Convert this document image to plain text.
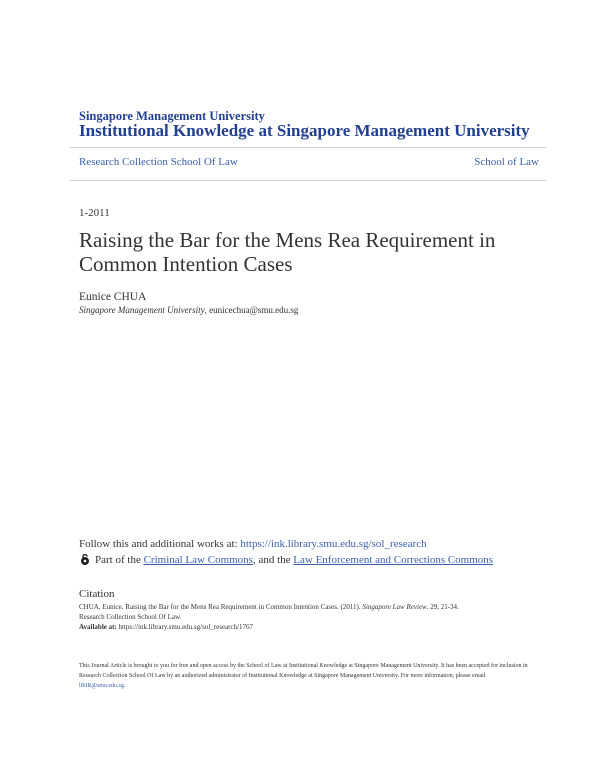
Singapore Management University
Institutional Knowledge at Singapore Management University
Research Collection School Of Law	School of Law
1-2011
Raising the Bar for the Mens Rea Requirement in Common Intention Cases
Eunice CHUA
Singapore Management University, eunicechua@smu.edu.sg
Follow this and additional works at: https://ink.library.smu.edu.sg/sol_research
Part of the
Criminal Law Commons , and the
Law Enforcement and Corrections Commons
Citation
CHUA, Eunice. Raising the Bar for the Mens Rea Requirement in Common Intention Cases. (2011). Singapore Law Review. 29, 21-34.
Research Collection School Of Law.
Available at: https://ink.library.smu.edu.sg/sol_research/1767
This Journal Article is brought to you for free and open access by the School of Law at Institutional Knowledge at Singapore Management University. It has been accepted for inclusion in Research Collection School Of Law by an authorized administrator of Institutional Knowledge at Singapore Management University. For more information, please email libIR@smu.edu.sg.
